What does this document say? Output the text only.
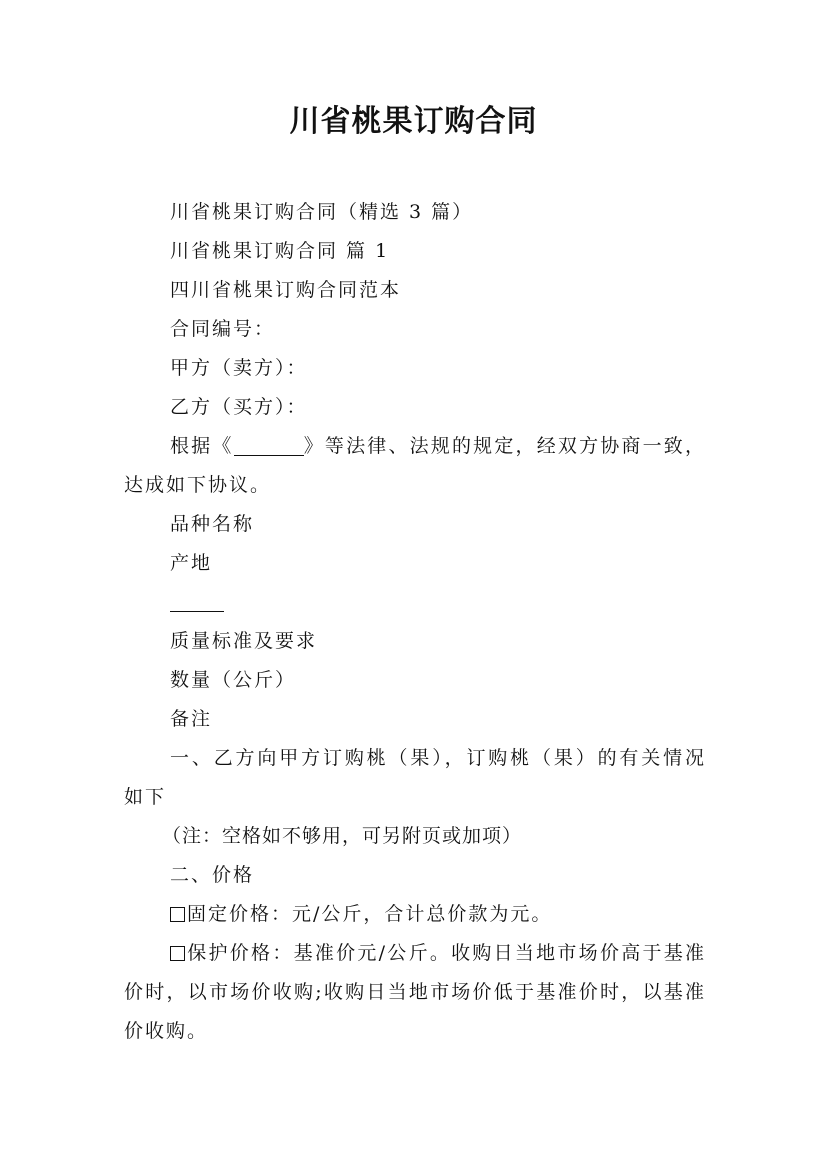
川省桃果订购合同

川省桃果订购合同（精选 3 篇）

川省桃果订购合同 篇 1

四川省桃果订购合同范本

合同编号：

甲方（卖方）：

乙方（买方）：

根据《	》等法律、法规的规定，经双方协商一致，达成如下协议。

品种名称

产地

质量标准及要求

数量（公斤）

备注

一、乙方向甲方订购桃（果），订购桃（果）的有关情况如下

（注：空格如不够用，可另附页或加项）

二、价格

固定价格：元/公斤，合计总价款为元。

保护价格：基准价元/公斤。收购日当地市场价高于基准价时，以市场价收购;收购日当地市场价低于基准价时，以基准价收购。
